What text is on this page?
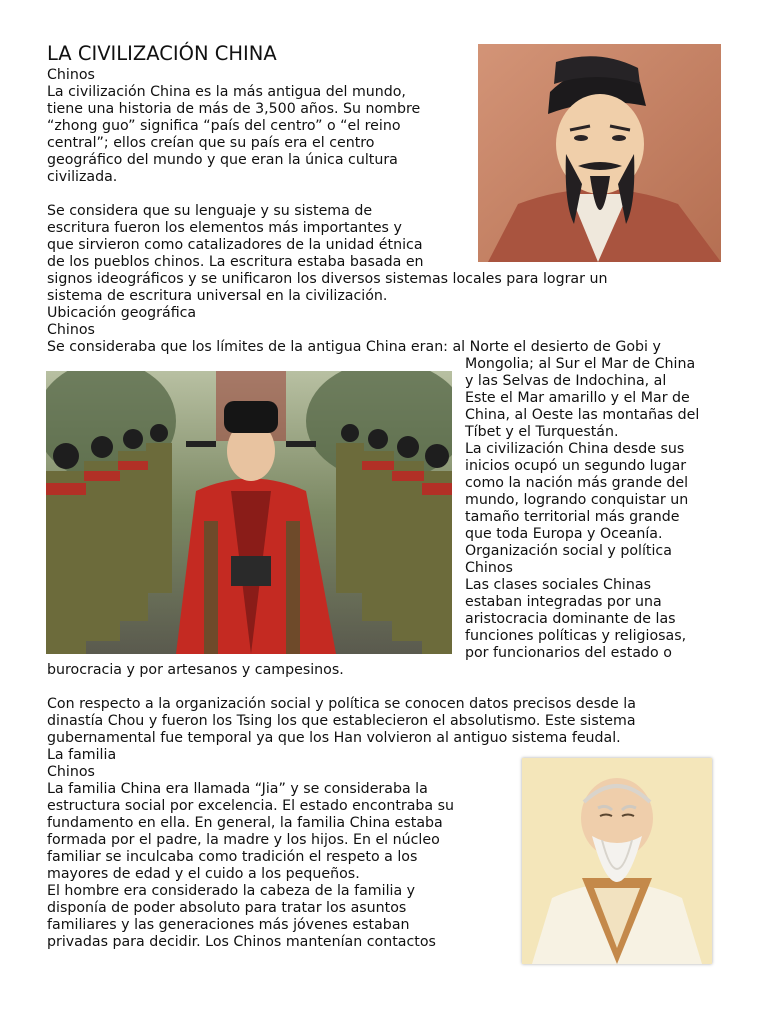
LA CIVILIZACIÓN CHINA
Chinos
La civilización China es la más antigua del mundo,
tiene una historia de más de 3,500 años. Su nombre
“zhong guo” significa “país del centro” o “el reino
central”; ellos creían que su país era el centro
geográfico del mundo y que eran la única cultura
civilizada.
Se considera que su lenguaje y su sistema de
escritura fueron los elementos más importantes y
que sirvieron como catalizadores de la unidad étnica
de los pueblos chinos. La escritura estaba basada en
signos ideográficos y se unificaron los diversos sistemas locales para lograr un
sistema de escritura universal en la civilización.
Ubicación geográfica
Chinos
Se consideraba que los límites de la antigua China eran: al Norte el desierto de Gobi y
Mongolia; al Sur el Mar de China
y las Selvas de Indochina, al
Este el Mar amarillo y el Mar de
China, al Oeste las montañas del
Tíbet y el Turquestán.
La civilización China desde sus
inicios ocupó un segundo lugar
como la nación más grande del
mundo, logrando conquistar un
tamaño territorial más grande
que toda Europa y Oceanía.
Organización social y política
Chinos
Las clases sociales Chinas
estaban integradas por una
aristocracia dominante de las
funciones políticas y religiosas,
por funcionarios del estado o
burocracia y por artesanos y campesinos.
Con respecto a la organización social y política se conocen datos precisos desde la
dinastía Chou y fueron los Tsing los que establecieron el absolutismo. Este sistema
gubernamental fue temporal ya que los Han volvieron al antiguo sistema feudal.
La familia
Chinos
La familia China era llamada “Jia” y se consideraba la
estructura social por excelencia. El estado encontraba su
fundamento en ella. En general, la familia China estaba
formada por el padre, la madre y los hijos. En el núcleo
familiar se inculcaba como tradición el respeto a los
mayores de edad y el cuido a los pequeños.
El hombre era considerado la cabeza de la familia y
disponía de poder absoluto para tratar los asuntos
familiares y las generaciones más jóvenes estaban
privadas para decidir. Los Chinos mantenían contactos
